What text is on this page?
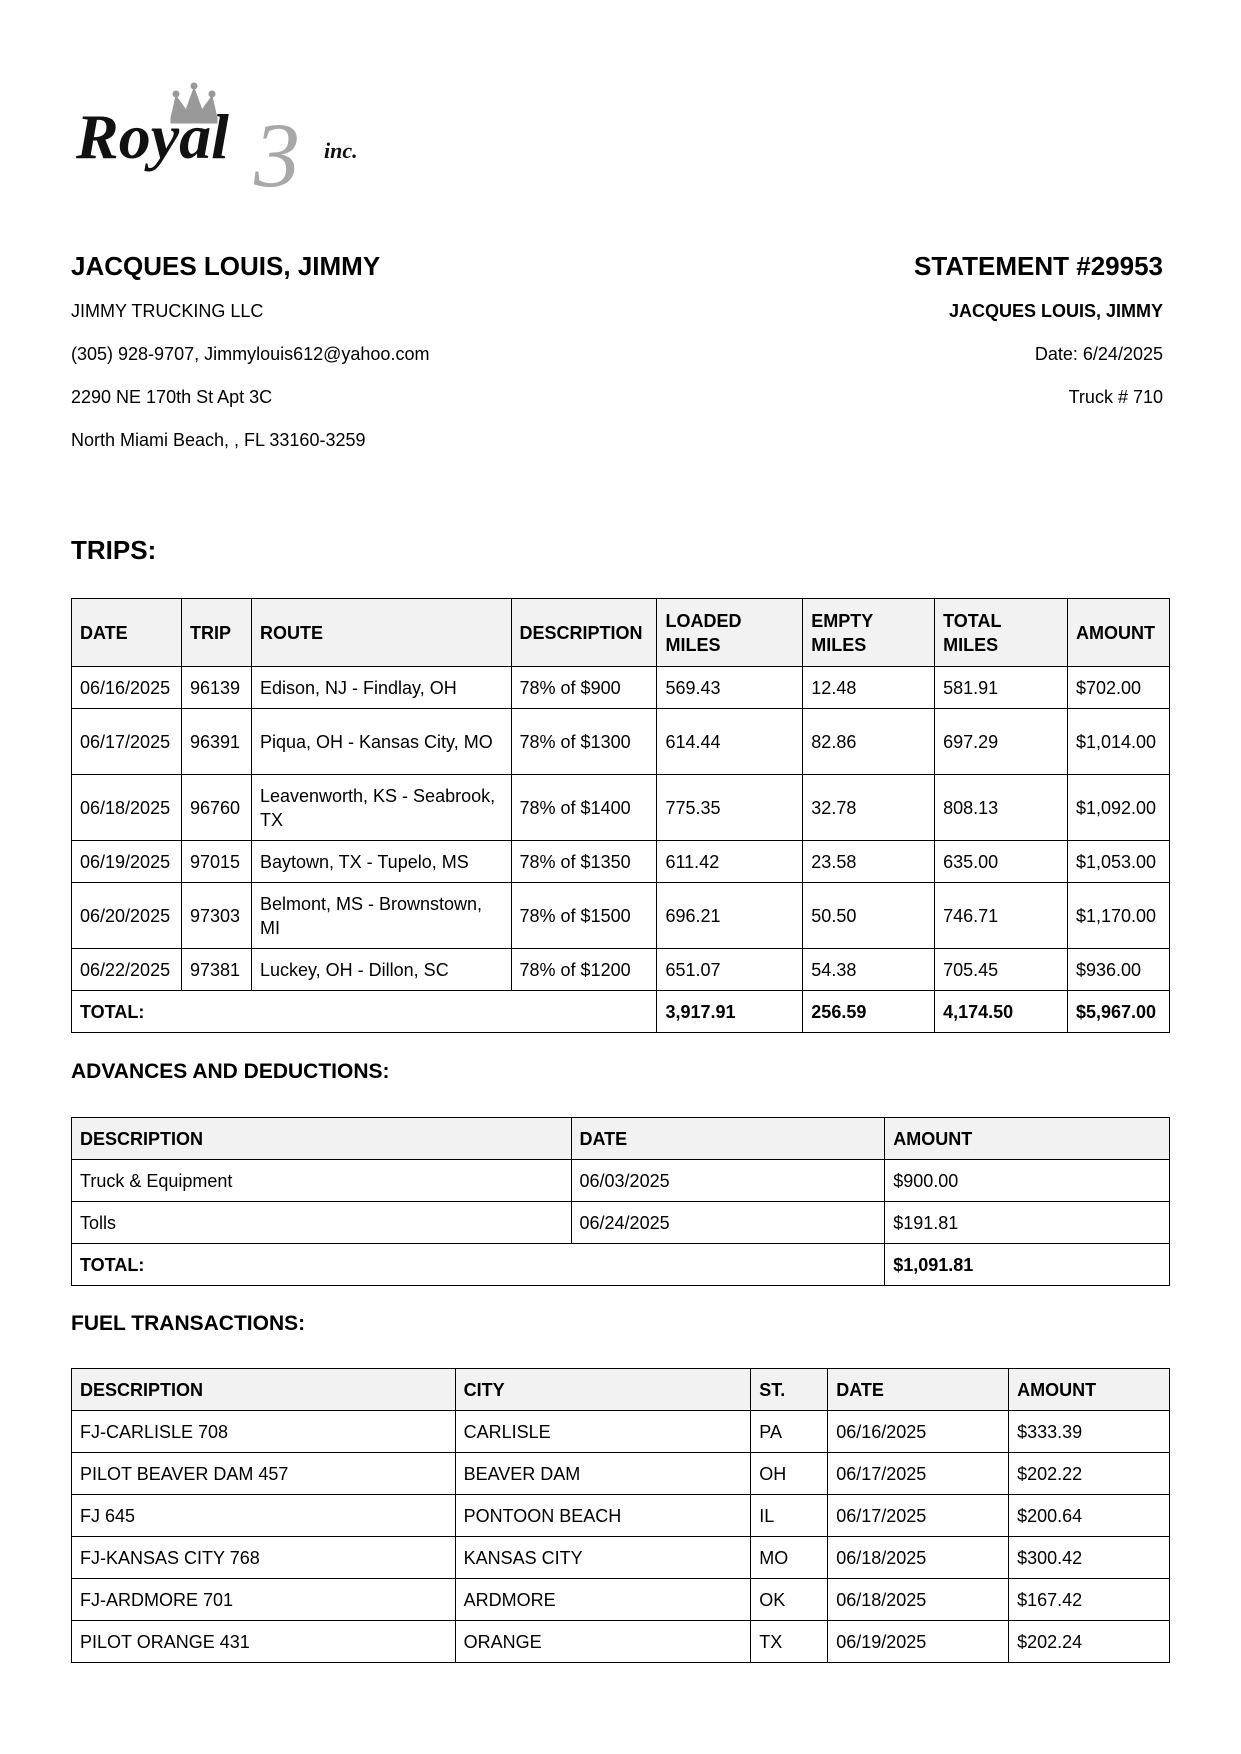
3
Royal	inc.
JACQUES LOUIS, JIMMY
JIMMY TRUCKING LLC
(305) 928-9707, Jimmylouis612@yahoo.com
2290 NE 170th St Apt 3C
North Miami Beach, , FL 33160-3259
STATEMENT #29953
JACQUES LOUIS, JIMMY
Date: 6/24/2025
Truck # 710
TRIPS:
DATE	TRIP	ROUTE	DESCRIPTION	LOADED MILES	EMPTY MILES	TOTAL MILES	AMOUNT
06/16/2025	96139	Edison, NJ - Findlay, OH	78% of $900	569.43	12.48	581.91	$702.00
06/17/2025	96391	Piqua, OH - Kansas City, MO	78% of $1300	614.44	82.86	697.29	$1,014.00
06/18/2025	96760	Leavenworth, KS - Seabrook, TX	78% of $1400	775.35	32.78	808.13	$1,092.00
06/19/2025	97015	Baytown, TX - Tupelo, MS	78% of $1350	611.42	23.58	635.00	$1,053.00
06/20/2025	97303	Belmont, MS - Brownstown, MI	78% of $1500	696.21	50.50	746.71	$1,170.00
06/22/2025	97381	Luckey, OH - Dillon, SC	78% of $1200	651.07	54.38	705.45	$936.00
TOTAL:				3,917.91	256.59	4,174.50	$5,967.00
ADVANCES AND DEDUCTIONS:
DESCRIPTION	DATE	AMOUNT
Truck & Equipment	06/03/2025	$900.00
Tolls	06/24/2025	$191.81
TOTAL:		$1,091.81
FUEL TRANSACTIONS:
DESCRIPTION	CITY	ST.	DATE	AMOUNT
FJ-CARLISLE 708	CARLISLE	PA	06/16/2025	$333.39
PILOT BEAVER DAM 457	BEAVER DAM	OH	06/17/2025	$202.22
FJ 645	PONTOON BEACH	IL	06/17/2025	$200.64
FJ-KANSAS CITY 768	KANSAS CITY	MO	06/18/2025	$300.42
FJ-ARDMORE 701	ARDMORE	OK	06/18/2025	$167.42
PILOT ORANGE 431	ORANGE	TX	06/19/2025	$202.24
